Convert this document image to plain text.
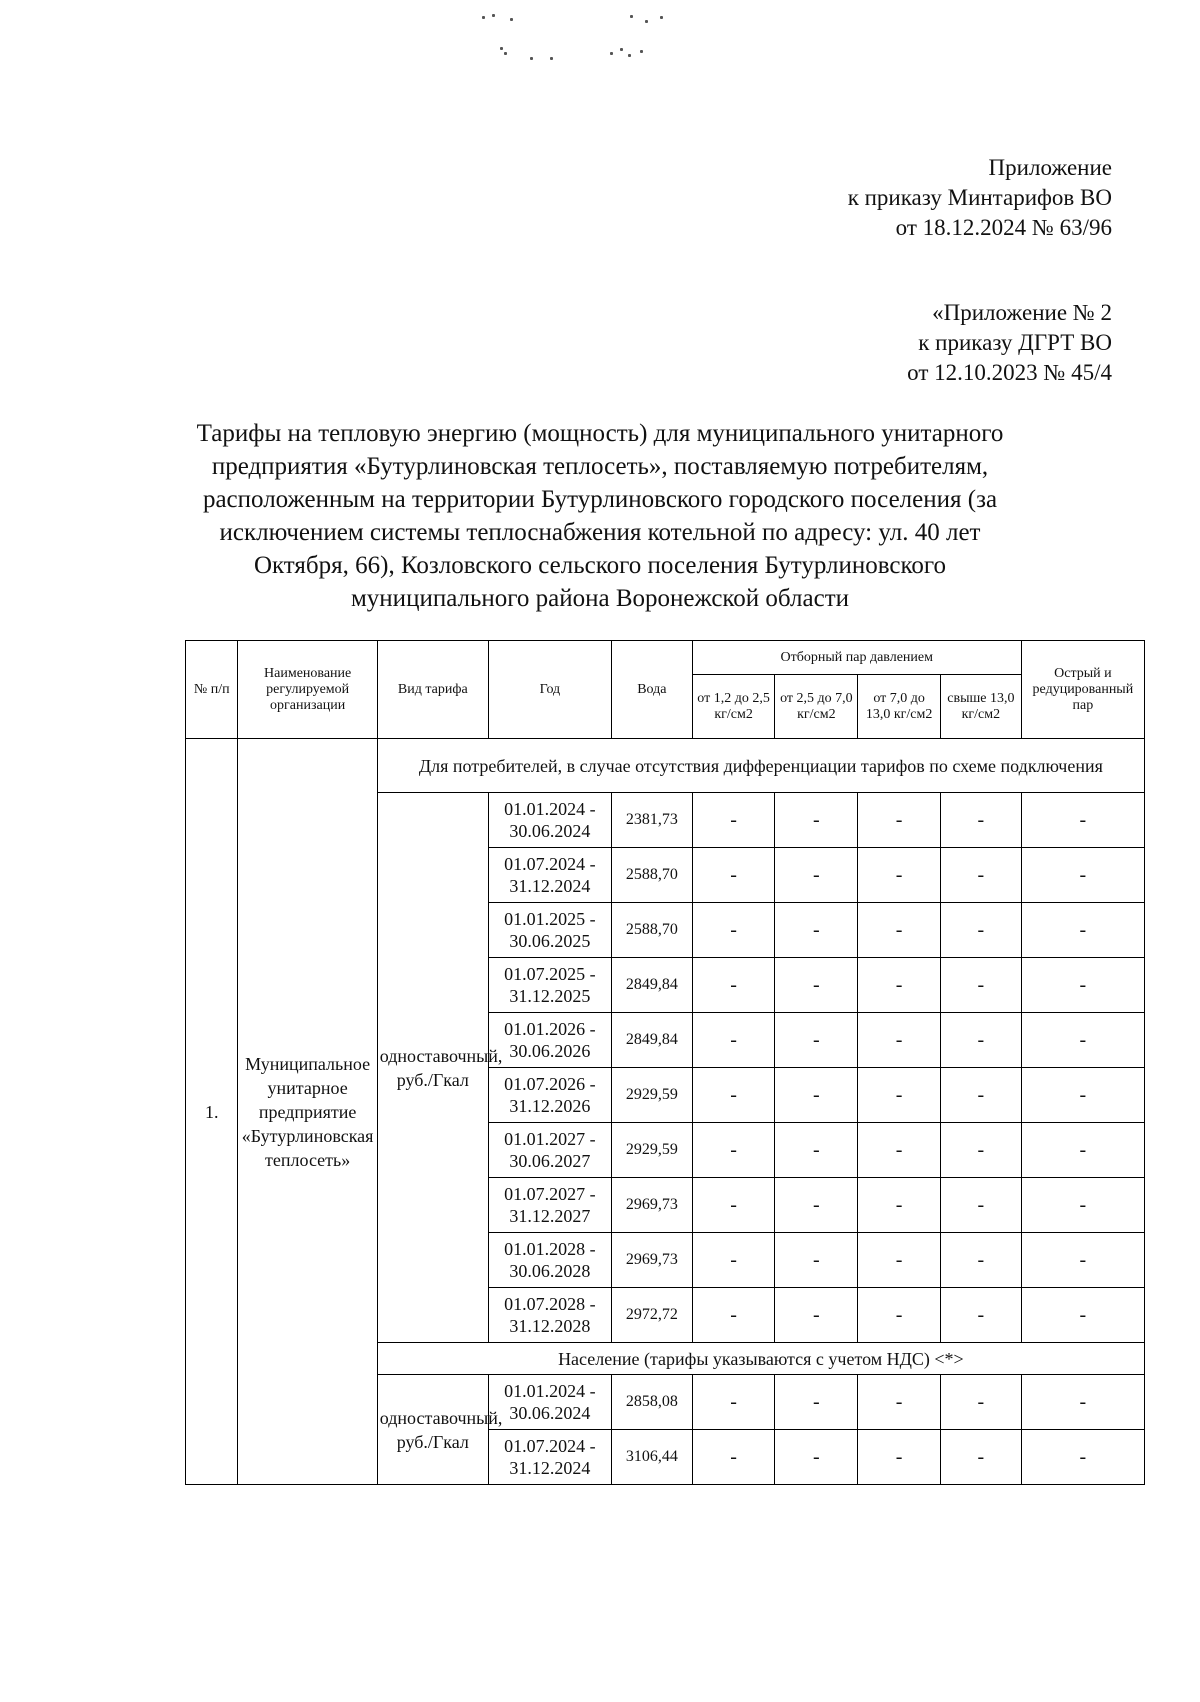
Приложение
к приказу Минтарифов ВО
от 18.12.2024 № 63/96
«Приложение № 2
к приказу ДГРТ ВО
от 12.10.2023 № 45/4
Тарифы на тепловую энергию (мощность) для муниципального унитарного предприятия «Бутурлиновская теплосеть», поставляемую потребителям, расположенным на территории Бутурлиновского городского поселения (за исключением системы теплоснабжения котельной по адресу: ул. 40 лет Октября, 66), Козловского сельского поселения Бутурлиновского муниципального района Воронежской области
№ п/п	Наименование регулируемой организации	Вид тарифа	Год	Вода	Отборный пар давлением				Острый и редуцированный пар
					от 1,2 до 2,5 кг/см2	от 2,5 до 7,0 кг/см2	от 7,0 до 13,0 кг/см2	свыше 13,0 кг/см2	
1.	Муниципальное унитарное предприятие «Бутурлиновская теплосеть»	Для потребителей, в случае отсутствия дифференциации тарифов по схеме подключения							
		одноставочный, руб./Гкал	01.01.2024 - 30.06.2024	2381,73	-	-	-	-	-
			01.07.2024 - 31.12.2024	2588,70	-	-	-	-	-
			01.01.2025 - 30.06.2025	2588,70	-	-	-	-	-
			01.07.2025 - 31.12.2025	2849,84	-	-	-	-	-
			01.01.2026 - 30.06.2026	2849,84	-	-	-	-	-
			01.07.2026 - 31.12.2026	2929,59	-	-	-	-	-
			01.01.2027 - 30.06.2027	2929,59	-	-	-	-	-
			01.07.2027 - 31.12.2027	2969,73	-	-	-	-	-
			01.01.2028 - 30.06.2028	2969,73	-	-	-	-	-
			01.07.2028 - 31.12.2028	2972,72	-	-	-	-	-
		Население (тарифы указываются с учетом НДС) <*>							
		одноставочный, руб./Гкал	01.01.2024 - 30.06.2024	2858,08	-	-	-	-	-
			01.07.2024 - 31.12.2024	3106,44	-	-	-	-	-
